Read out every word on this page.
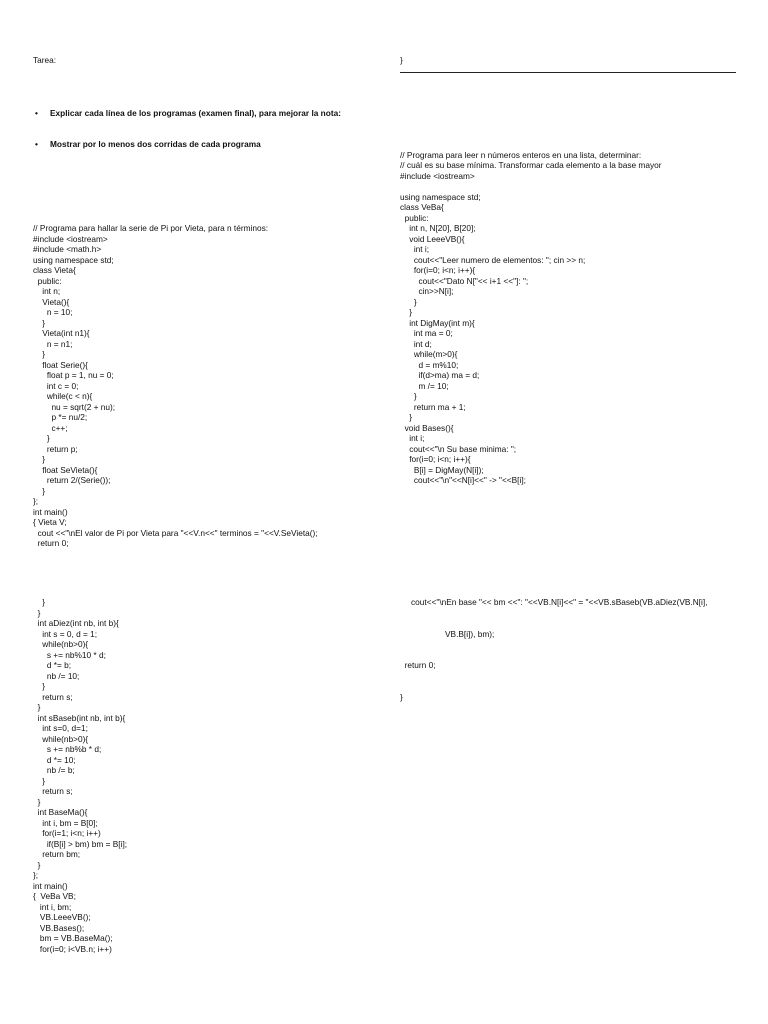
Tarea:

• Explicar cada línea de los programas (examen final), para mejorar la nota:

• Mostrar por lo menos dos corridas de cada programa

// Programa para hallar la serie de Pi por Vieta, para n términos:
#include <iostream>
#include <math.h>
using namespace std;
class Vieta{
public:
int n;
Vieta(){
n = 10;
}
Vieta(int n1){
n = n1;
}
float Serie(){
float p = 1, nu = 0;
int c = 0;
while(c < n){
nu = sqrt(2 + nu);
p *= nu/2;
c++;
}
return p;
}
float SeVieta(){
return 2/(Serie());
}
};
int main()
{ Vieta V;
cout <<"\nEl valor de Pi por Vieta para "<<V.n<<" terminos = "<<V.SeVieta();
return 0;

}

// Programa para leer n números enteros en una lista, determinar:
// cuál es su base mínima. Transformar cada elemento a la base mayor
#include <iostream>
using namespace std;
class VeBa{
public:
int n, N[20], B[20];
void LeeeVB(){
int i;
cout<<"Leer numero de elementos: "; cin >> n;
for(i=0; i<n; i++){
cout<<"Dato N["<< i+1 <<"]: ";
cin>>N[i];
}
}
int DigMay(int m){
int ma = 0;
int d;
while(m>0){
d = m%10;
if(d>ma) ma = d;
m /= 10;
}
return ma + 1;
}
void Bases(){
int i;
cout<<"\n Su base minima: ";
for(i=0; i<n; i++){
B[i] = DigMay(N[i]);
cout<<"\n"<<N[i]<<" -> "<<B[i];

}
}
int aDiez(int nb, int b){
int s = 0, d = 1;
while(nb>0){
s += nb%10 * d;
d *= b;
nb /= 10;
}
return s;
}
int sBaseb(int nb, int b){
int s=0, d=1;
while(nb>0){
s += nb%b * d;
d *= 10;
nb /= b;
}
return s;
}
int BaseMa(){
int i, bm = B[0];
for(i=1; i<n; i++)
if(B[i] > bm) bm = B[i];
return bm;
}
};
int main()
{  VeBa VB;
int i, bm;
VB.LeeeVB();
VB.Bases();
bm = VB.BaseMa();
for(i=0; i<VB.n; i++)

cout<<"\nEn base "<< bm <<": "<<VB.N[i]<<" = "<<VB.sBaseb(VB.aDiez(VB.N[i],

VB.B[i]), bm);

return 0;

}
